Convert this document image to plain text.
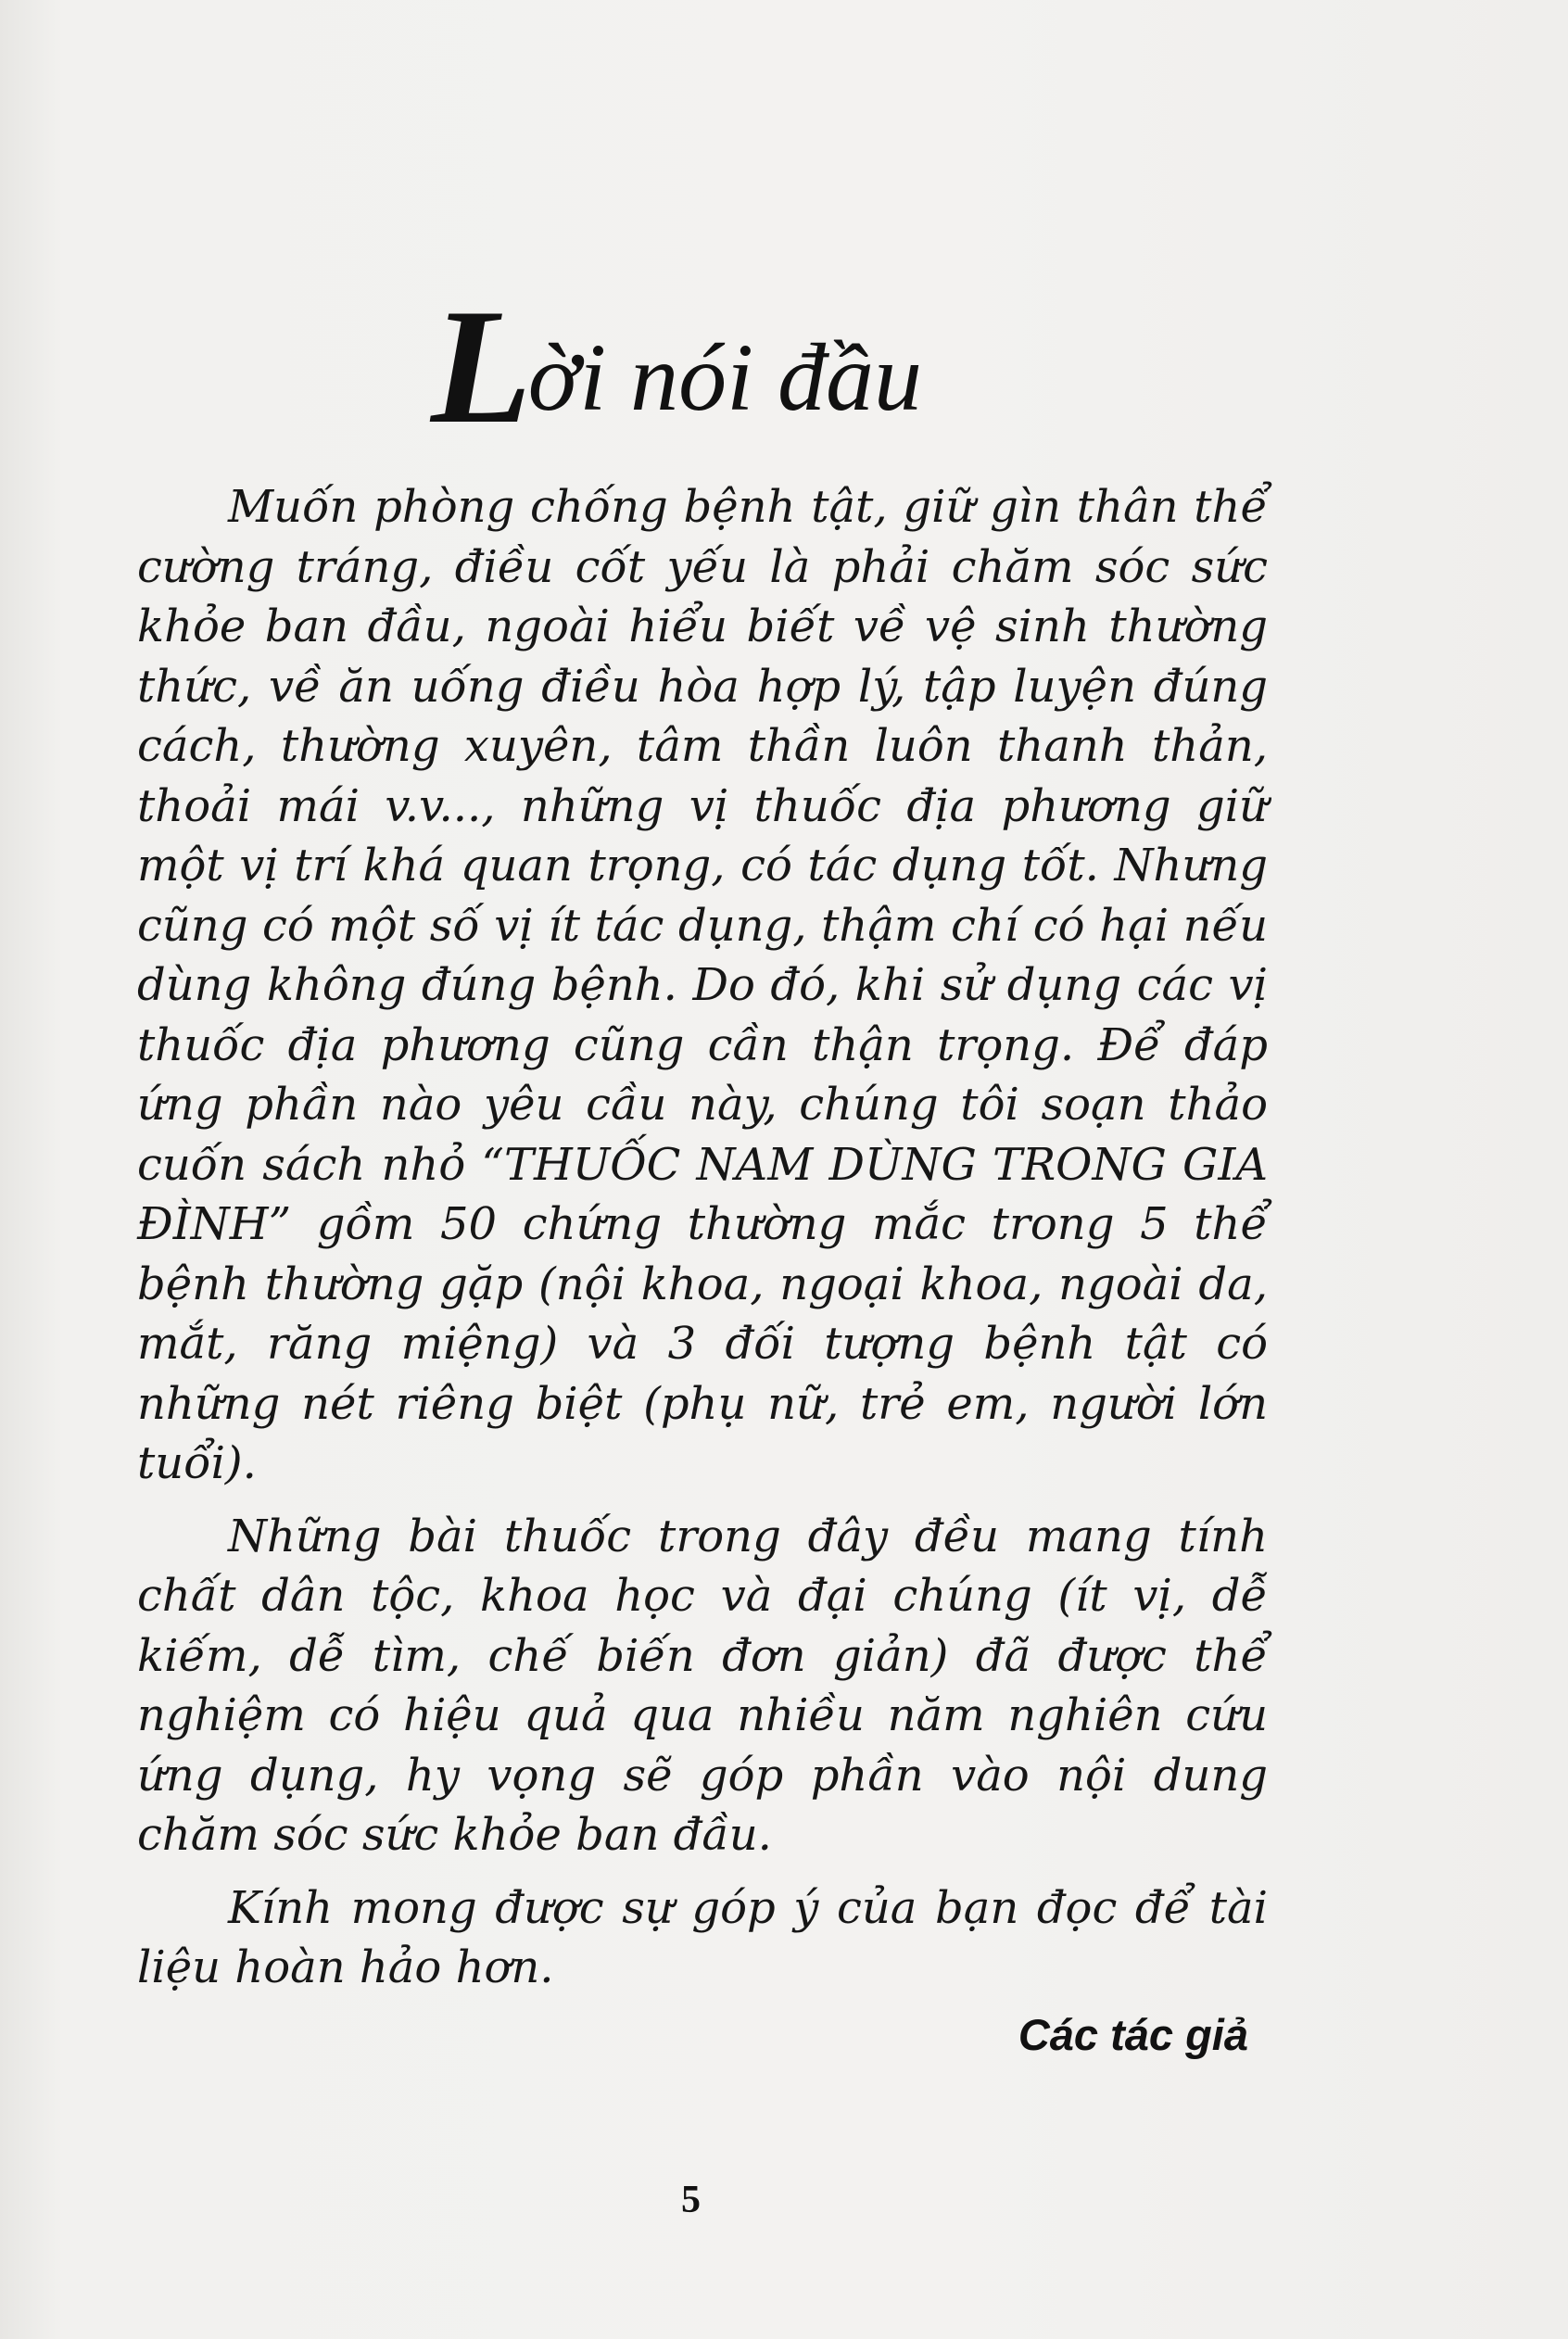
L ời nói đầu

Muốn phòng chống bệnh tật, giữ gìn thân thể cường tráng, điều cốt yếu là phải chăm sóc sức khỏe ban đầu, ngoài hiểu biết về vệ sinh thường thức, về ăn uống điều hòa hợp lý, tập luyện đúng cách, thường xuyên, tâm thần luôn thanh thản, thoải mái v.v..., những vị thuốc địa phương giữ một vị trí khá quan trọng, có tác dụng tốt. Nhưng cũng có một số vị ít tác dụng, thậm chí có hại nếu dùng không đúng bệnh. Do đó, khi sử dụng các vị thuốc địa phương cũng cần thận trọng. Để đáp ứng phần nào yêu cầu này, chúng tôi soạn thảo cuốn sách nhỏ “THUỐC NAM DÙNG TRONG GIA ĐÌNH” gồm 50 chứng thường mắc trong 5 thể bệnh thường gặp (nội khoa, ngoại khoa, ngoài da, mắt, răng miệng) và 3 đối tượng bệnh tật có những nét riêng biệt (phụ nữ, trẻ em, người lớn tuổi).

Những bài thuốc trong đây đều mang tính chất dân tộc, khoa học và đại chúng (ít vị, dễ kiếm, dễ tìm, chế biến đơn giản) đã được thể nghiệm có hiệu quả qua nhiều năm nghiên cứu ứng dụng, hy vọng sẽ góp phần vào nội dung chăm sóc sức khỏe ban đầu.

Kính mong được sự góp ý của bạn đọc để tài liệu hoàn hảo hơn.

Các tác giả
5
